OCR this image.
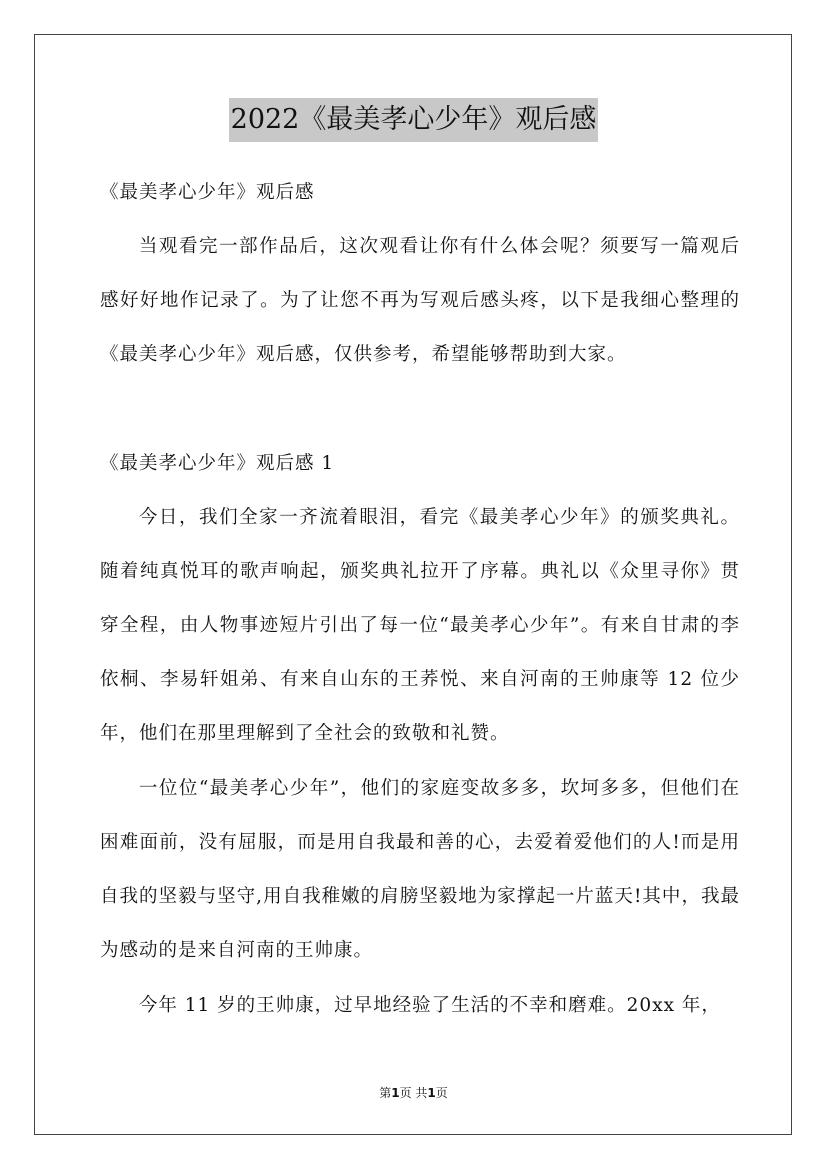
2022《最美孝心少年》观后感

《最美孝心少年》观后感

当观看完一部作品后，这次观看让你有什么体会呢？须要写一篇观后感好好地作记录了。为了让您不再为写观后感头疼，以下是我细心整理的《最美孝心少年》观后感，仅供参考，希望能够帮助到大家。

《最美孝心少年》观后感 1

今日，我们全家一齐流着眼泪，看完《最美孝心少年》的颁奖典礼。随着纯真悦耳的歌声响起，颁奖典礼拉开了序幕。典礼以《众里寻你》贯穿全程，由人物事迹短片引出了每一位“最美孝心少年”。有来自甘肃的李依桐、李易轩姐弟、有来自山东的王荞悦、来自河南的王帅康等 12 位少年，他们在那里理解到了全社会的致敬和礼赞。

一位位“最美孝心少年”，他们的家庭变故多多，坎坷多多，但他们在困难面前，没有屈服，而是用自我最和善的心，去爱着爱他们的人!而是用自我的坚毅与坚守,用自我稚嫩的肩膀坚毅地为家撑起一片蓝天!其中，我最为感动的是来自河南的王帅康。

今年 11 岁的王帅康，过早地经验了生活的不幸和磨难。20xx 年，

第1页 共1页
